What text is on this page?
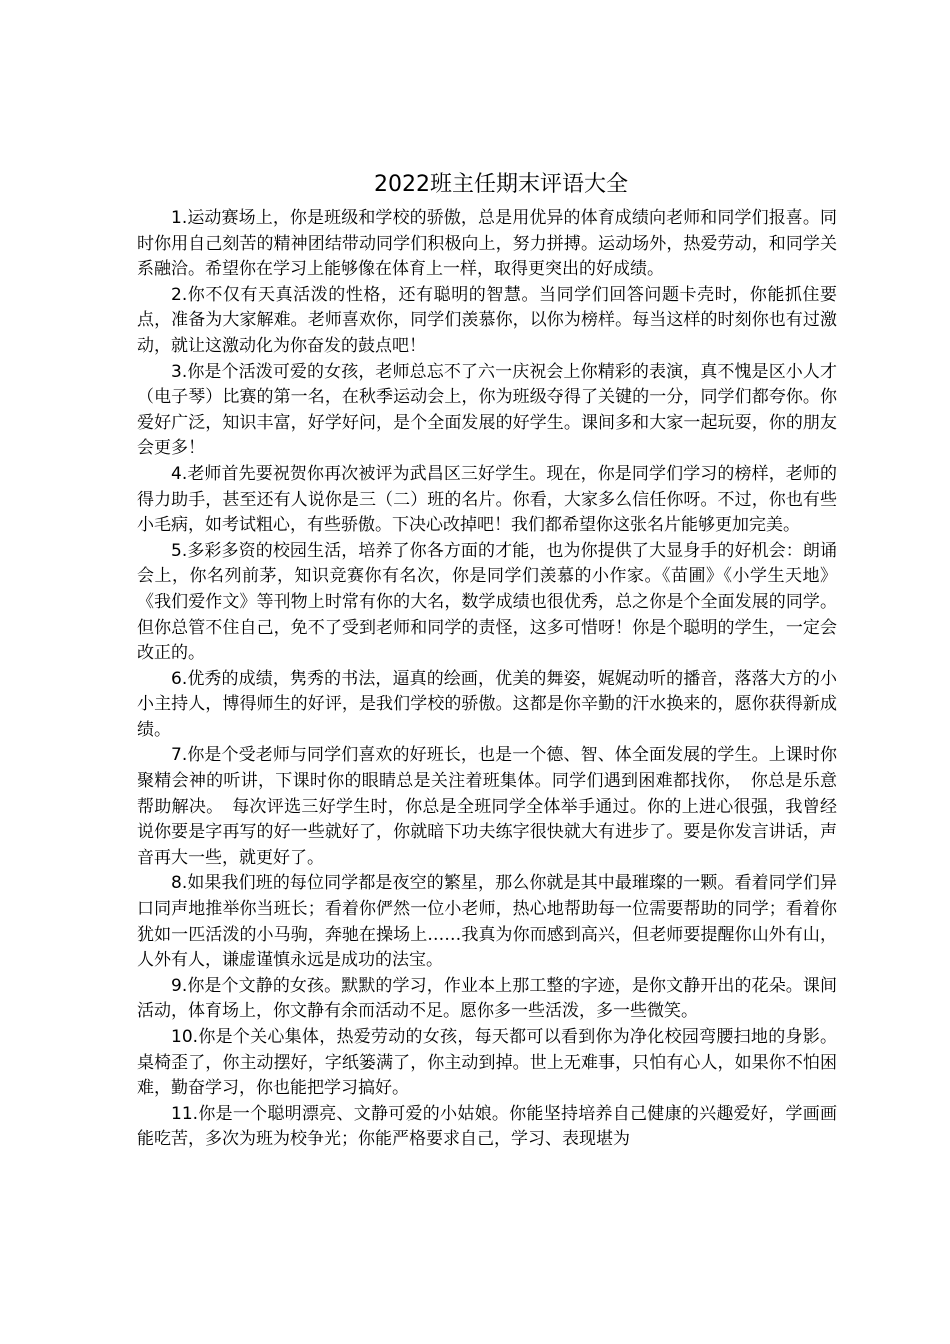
2022班主任期末评语大全

1.运动赛场上，你是班级和学校的骄傲，总是用优异的体育成绩向老师和同学们报喜。同时你用自己刻苦的精神团结带动同学们积极向上，努力拼搏。运动场外，热爱劳动，和同学关系融洽。希望你在学习上能够像在体育上一样，取得更突出的好成绩。

2.你不仅有天真活泼的性格，还有聪明的智慧。当同学们回答问题卡壳时，你能抓住要点，准备为大家解难。老师喜欢你，同学们羡慕你，以你为榜样。每当这样的时刻你也有过激动，就让这激动化为你奋发的鼓点吧！

3.你是个活泼可爱的女孩，老师总忘不了六一庆祝会上你精彩的表演，真不愧是区小人才（电子琴）比赛的第一名，在秋季运动会上，你为班级夺得了关键的一分，同学们都夸你。你爱好广泛，知识丰富，好学好问，是个全面发展的好学生。课间多和大家一起玩耍，你的朋友会更多！

4.老师首先要祝贺你再次被评为武昌区三好学生。现在，你是同学们学习的榜样，老师的得力助手，甚至还有人说你是三（二）班的名片。你看，大家多么信任你呀。不过，你也有些小毛病，如考试粗心，有些骄傲。下决心改掉吧！我们都希望你这张名片能够更加完美。

5.多彩多资的校园生活，培养了你各方面的才能，也为你提供了大显身手的好机会：朗诵会上，你名列前茅，知识竞赛你有名次，你是同学们羡慕的小作家。《苗圃》《小学生天地》《我们爱作文》等刊物上时常有你的大名，数学成绩也很优秀，总之你是个全面发展的同学。但你总管不住自己，免不了受到老师和同学的责怪，这多可惜呀！你是个聪明的学生，一定会改正的。

6.优秀的成绩，隽秀的书法，逼真的绘画，优美的舞姿，娓娓动听的播音，落落大方的小小主持人，博得师生的好评，是我们学校的骄傲。这都是你辛勤的汗水换来的，愿你获得新成绩。

7.你是个受老师与同学们喜欢的好班长，也是一个德、智、体全面发展的学生。上课时你聚精会神的听讲，下课时你的眼睛总是关注着班集体。同学们遇到困难都找你，　你总是乐意帮助解决。　每次评选三好学生时，你总是全班同学全体举手通过。你的上进心很强，我曾经说你要是字再写的好一些就好了，你就暗下功夫练字很快就大有进步了。要是你发言讲话，声音再大一些，就更好了。

8.如果我们班的每位同学都是夜空的繁星，那么你就是其中最璀璨的一颗。看着同学们异口同声地推举你当班长；看着你俨然一位小老师，热心地帮助每一位需要帮助的同学；看着你犹如一匹活泼的小马驹，奔驰在操场上……我真为你而感到高兴，但老师要提醒你山外有山，人外有人，谦虚谨慎永远是成功的法宝。

9.你是个文静的女孩。默默的学习，作业本上那工整的字迹，是你文静开出的花朵。课间活动，体育场上，你文静有余而活动不足。愿你多一些活泼，多一些微笑。

10.你是个关心集体，热爱劳动的女孩，每天都可以看到你为净化校园弯腰扫地的身影。桌椅歪了，你主动摆好，字纸篓满了，你主动到掉。世上无难事，只怕有心人，如果你不怕困难，勤奋学习，你也能把学习搞好。

11.你是一个聪明漂亮、文静可爱的小姑娘。你能坚持培养自己健康的兴趣爱好，学画画能吃苦，多次为班为校争光；你能严格要求自己，学习、表现堪为
